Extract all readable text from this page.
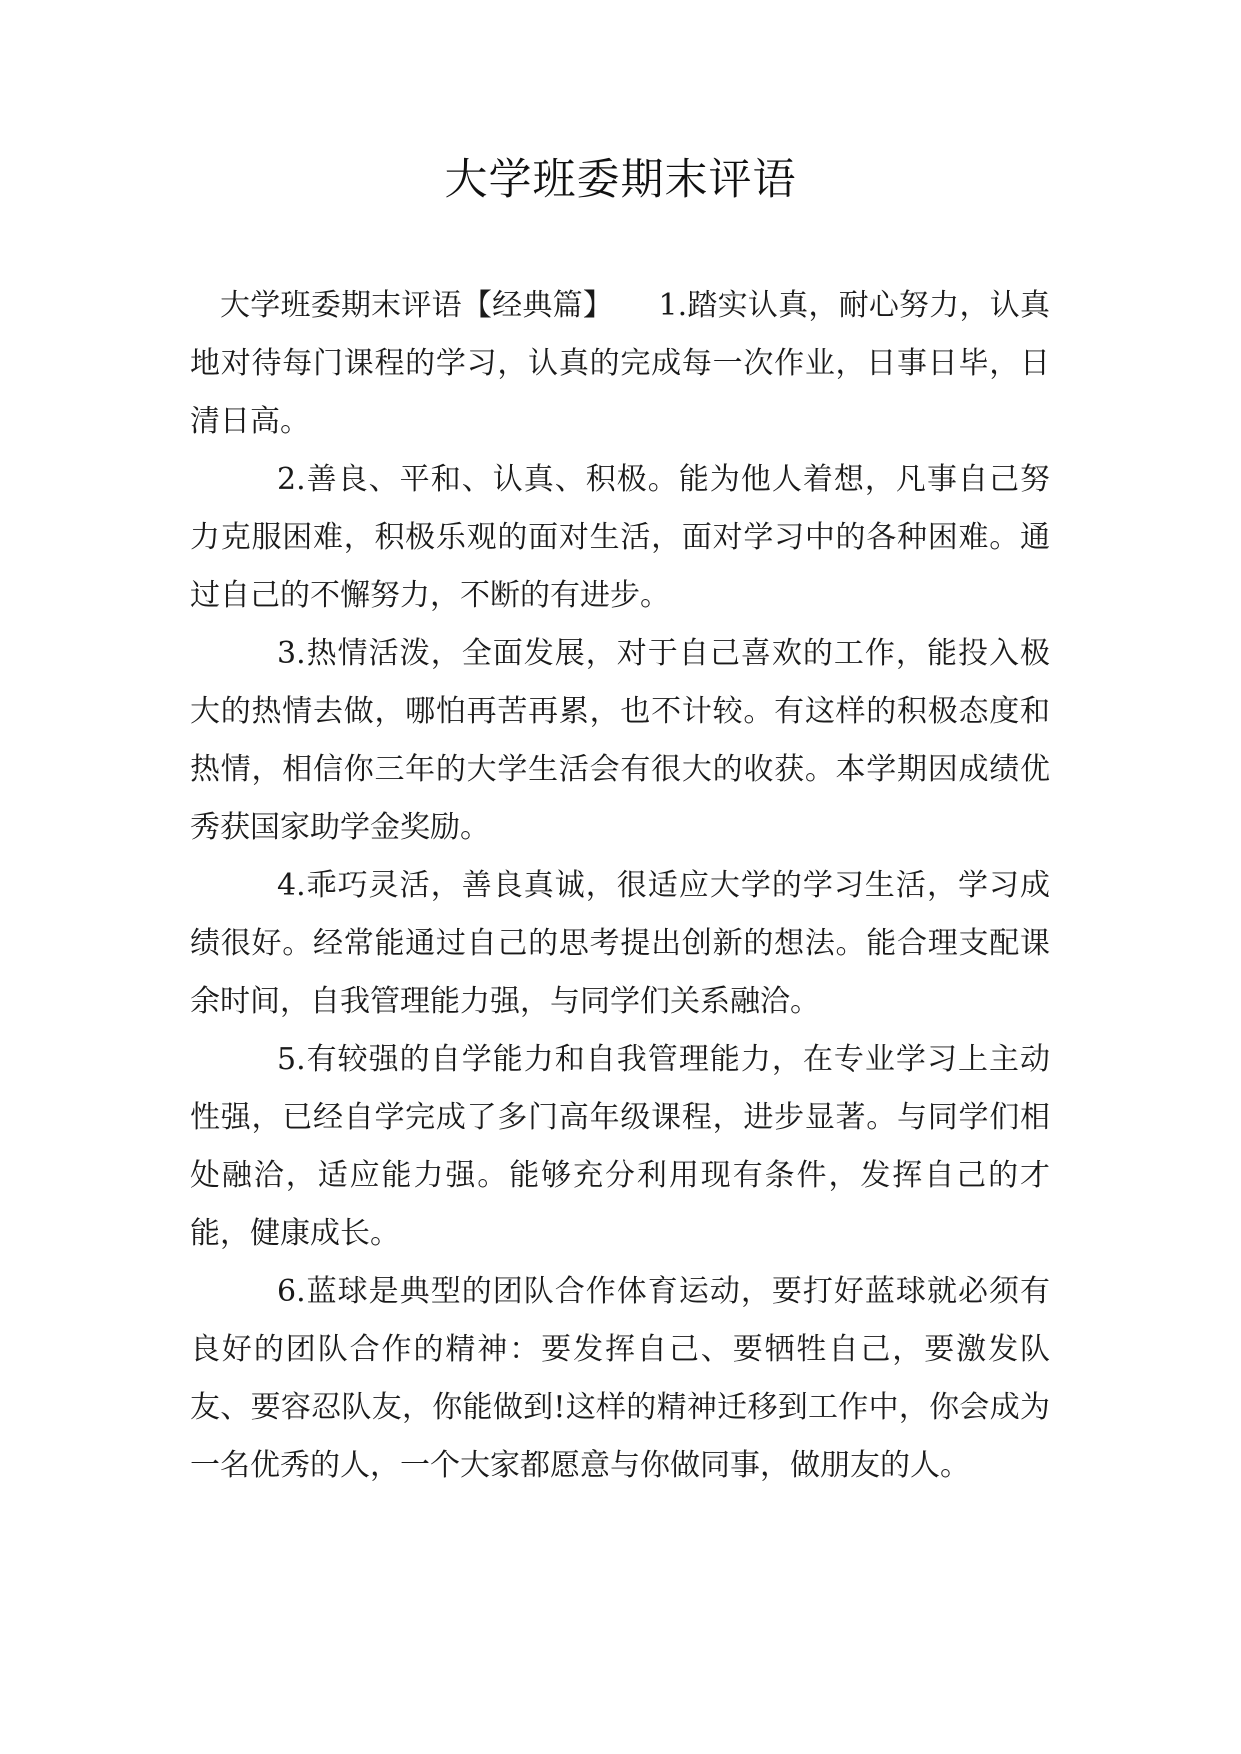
大学班委期末评语

大学班委期末评语【经典篇】　　1.踏实认真，耐心努力，认真地对待每门课程的学习，认真的完成每一次作业，日事日毕，日清日高。

2.善良、平和、认真、积极。能为他人着想，凡事自己努力克服困难，积极乐观的面对生活，面对学习中的各种困难。通过自己的不懈努力，不断的有进步。

3.热情活泼，全面发展，对于自己喜欢的工作，能投入极大的热情去做，哪怕再苦再累，也不计较。有这样的积极态度和热情，相信你三年的大学生活会有很大的收获。本学期因成绩优秀获国家助学金奖励。

4.乖巧灵活，善良真诚，很适应大学的学习生活，学习成绩很好。经常能通过自己的思考提出创新的想法。能合理支配课余时间，自我管理能力强，与同学们关系融洽。

5.有较强的自学能力和自我管理能力，在专业学习上主动性强，已经自学完成了多门高年级课程，进步显著。与同学们相处融洽，适应能力强。能够充分利用现有条件，发挥自己的才能，健康成长。

6.蓝球是典型的团队合作体育运动，要打好蓝球就必须有良好的团队合作的精神：要发挥自己、要牺牲自己，要激发队友、要容忍队友，你能做到!这样的精神迁移到工作中，你会成为一名优秀的人，一个大家都愿意与你做同事，做朋友的人。
